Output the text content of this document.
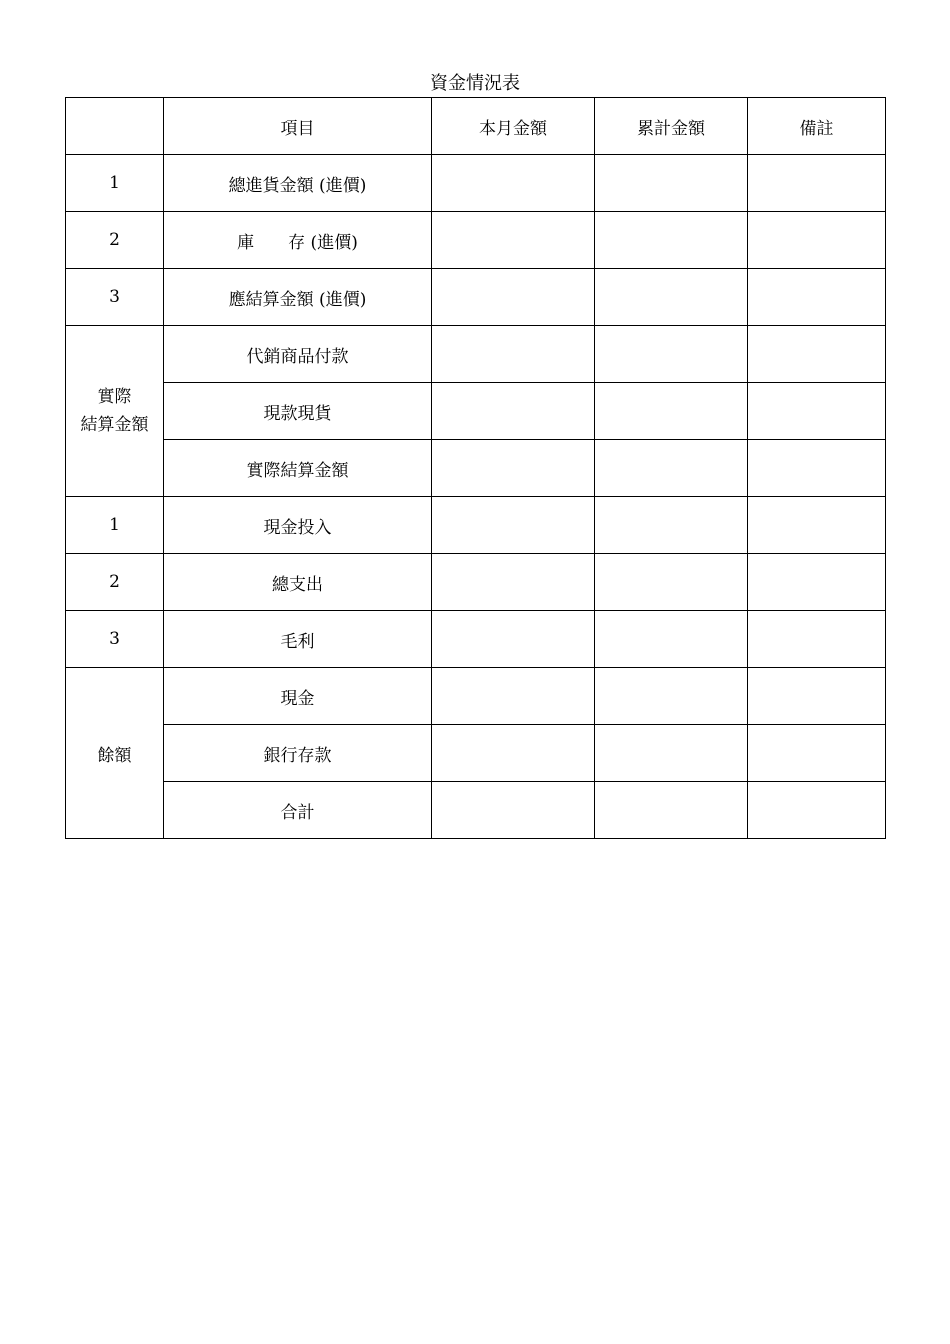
資金情況表
	項目	本月金額	累計金額	備註
1	總進貨金額 (進價)			
2	庫　　存 (進價)			
3	應結算金額 (進價)			

實際
結算金額	代銷商品付款			
	現款現貨			
	實際結算金額			
1	現金投入			
2	總支出			
3	毛利			
餘額	現金			
	銀行存款			
	合計			
